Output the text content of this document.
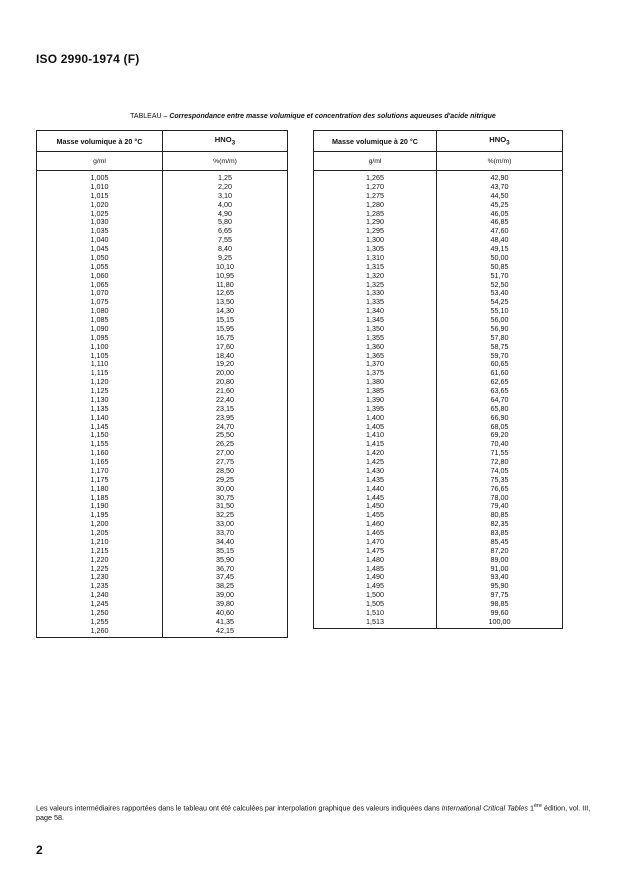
ISO 2990-1974 (F)
TABLEAU – Correspondance entre masse volumique et concentration des solutions aqueuses d'acide nitrique
Masse volumique à 20 °C	$HNO_3$
g/ml	%(m/m)

1,005	1,25
1,010	2,20
1,015	3,10
1,020	4,00
1,025	4,90
1,030	5,80
1,035	6,65
1,040	7,55
1,045	8,40
1,050	9,25
1,055	10,10
1,060	10,95
1,065	11,80
1,070	12,65
1,075	13,50
1,080	14,30
1,085	15,15
1,090	15,95
1,095	16,75
1,100	17,60
1,105	18,40
1,110	19,20
1,115	20,00
1,120	20,80
1,125	21,60
1,130	22,40
1,135	23,15
1,140	23,95
1,145	24,70
1,150	25,50
1,155	26,25
1,160	27,00
1,165	27,75
1,170	28,50
1,175	29,25
1,180	30,00
1,185	30,75
1,190	31,50
1,195	32,25
1,200	33,00
1,205	33,70
1,210	34,40
1,215	35,15
1,220	35,90
1,225	36,70
1,230	37,45
1,235	38,25
1,240	39,00
1,245	39,80
1,250	40,60
1,255	41,35
1,260	42,15
Masse volumique à 20 °C	$HNO_3$
g/ml	%(m/m)

1,265	42,90
1,270	43,70
1,275	44,50
1,280	45,25
1,285	46,05
1,290	46,85
1,295	47,60
1,300	48,40
1,305	49,15
1,310	50,00
1,315	50,85
1,320	51,70
1,325	52,50
1,330	53,40
1,335	54,25
1,340	55,10
1,345	56,00
1,350	56,90
1,355	57,80
1,360	58,75
1,365	59,70
1,370	60,65
1,375	61,60
1,380	62,65
1,385	63,65
1,390	64,70
1,395	65,80
1,400	66,90
1,405	68,05
1,410	69,20
1,415	70,40
1,420	71,55
1,425	72,80
1,430	74,05
1,435	75,35
1,440	76,65
1,445	78,00
1,450	79,40
1,455	80,85
1,460	82,35
1,465	83,85
1,470	85,45
1,475	87,20
1,480	89,00
1,485	91,00
1,490	93,40
1,495	95,90
1,500	97,75
1,505	98,85
1,510	99,60
1,513	100,00
Les valeurs intermédiaires rapportées dans le tableau ont été calculées par interpolation graphique des valeurs indiquées dans International Critical Tables 1ère édition, vol. III, page 58.
2
